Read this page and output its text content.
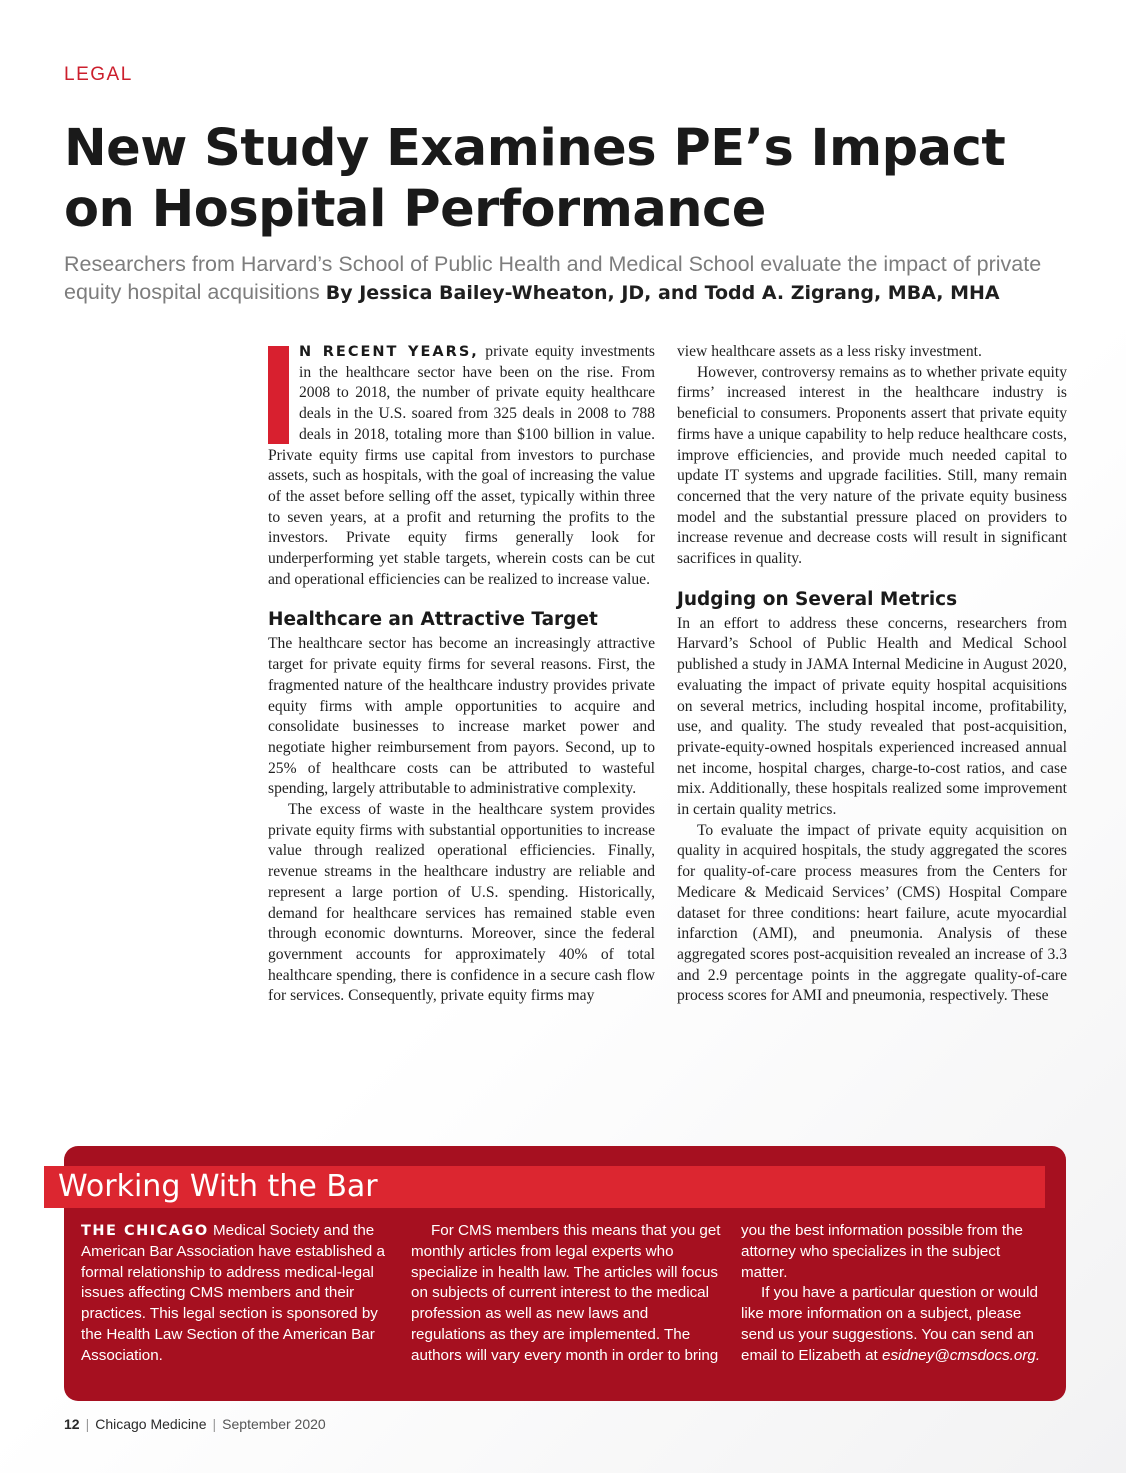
LEGAL
New Study Examines PE’s Impact on Hospital Performance
Researchers from Harvard’s School of Public Health and Medical School evaluate the impact of private equity hospital acquisitions By Jessica Bailey-Wheaton, JD, and Todd A. Zigrang, MBA, MHA

N RECENT YEARS, private equity investments in the healthcare sector have been on the rise. From 2008 to 2018, the number of private equity healthcare deals in the U.S. soared from 325 deals in 2008 to 788 deals in 2018, totaling more than $100 billion in value. Private equity firms use capital from investors to purchase assets, such as hospitals, with the goal of increasing the value of the asset before selling off the asset, typically within three to seven years, at a profit and returning the profits to the investors. Private equity firms generally look for underperforming yet stable targets, wherein costs can be cut and operational efficiencies can be realized to increase value.

Healthcare an Attractive Target

The healthcare sector has become an increasingly attractive target for private equity firms for several reasons. First, the fragmented nature of the healthcare industry provides private equity firms with ample opportunities to acquire and consolidate businesses to increase market power and negotiate higher reimbursement from payors. Second, up to 25% of healthcare costs can be attributed to wasteful spending, largely attributable to administrative complexity.

The excess of waste in the healthcare system provides private equity firms with substantial opportunities to increase value through realized operational efficiencies. Finally, revenue streams in the healthcare industry are reliable and represent a large portion of U.S. spending. Historically, demand for healthcare services has remained stable even through economic downturns. Moreover, since the federal government accounts for approximately 40% of total healthcare spending, there is confidence in a secure cash flow for services. Consequently, private equity firms may

view healthcare assets as a less risky investment.

However, controversy remains as to whether private equity firms’ increased interest in the healthcare industry is beneficial to consumers. Proponents assert that private equity firms have a unique capability to help reduce healthcare costs, improve efficiencies, and provide much needed capital to update IT systems and upgrade facilities. Still, many remain concerned that the very nature of the private equity business model and the substantial pressure placed on providers to increase revenue and decrease costs will result in significant sacrifices in quality.

Judging on Several Metrics

In an effort to address these concerns, researchers from Harvard’s School of Public Health and Medical School published a study in JAMA Internal Medicine in August 2020, evaluating the impact of private equity hospital acquisitions on several metrics, including hospital income, profitability, use, and quality. The study revealed that post-acquisition, private-equity-owned hospitals experienced increased annual net income, hospital charges, charge-to-cost ratios, and case mix. Additionally, these hospitals realized some improvement in certain quality metrics.

To evaluate the impact of private equity acquisition on quality in acquired hospitals, the study aggregated the scores for quality-of-care process measures from the Centers for Medicare & Medicaid Services’ (CMS) Hospital Compare dataset for three conditions: heart failure, acute myocardial infarction (AMI), and pneumonia. Analysis of these aggregated scores post-acquisition revealed an increase of 3.3 and 2.9 percentage points in the aggregate quality-of-care process scores for AMI and pneumonia, respectively. These

Working With the Bar

THE CHICAGO Medical Society and the American Bar Association have established a formal relationship to address medical-legal issues affecting CMS members and their practices. This legal section is sponsored by the Health Law Section of the American Bar Association.

For CMS members this means that you get monthly articles from legal experts who specialize in health law. The articles will focus on subjects of current interest to the medical profession as well as new laws and regulations as they are implemented. The authors will vary every month in order to bring

you the best information possible from the attorney who specializes in the subject matter.

If you have a particular question or would like more information on a subject, please send us your suggestions. You can send an email to Elizabeth at esidney@cmsdocs.org.

12 | Chicago Medicine | September 2020
